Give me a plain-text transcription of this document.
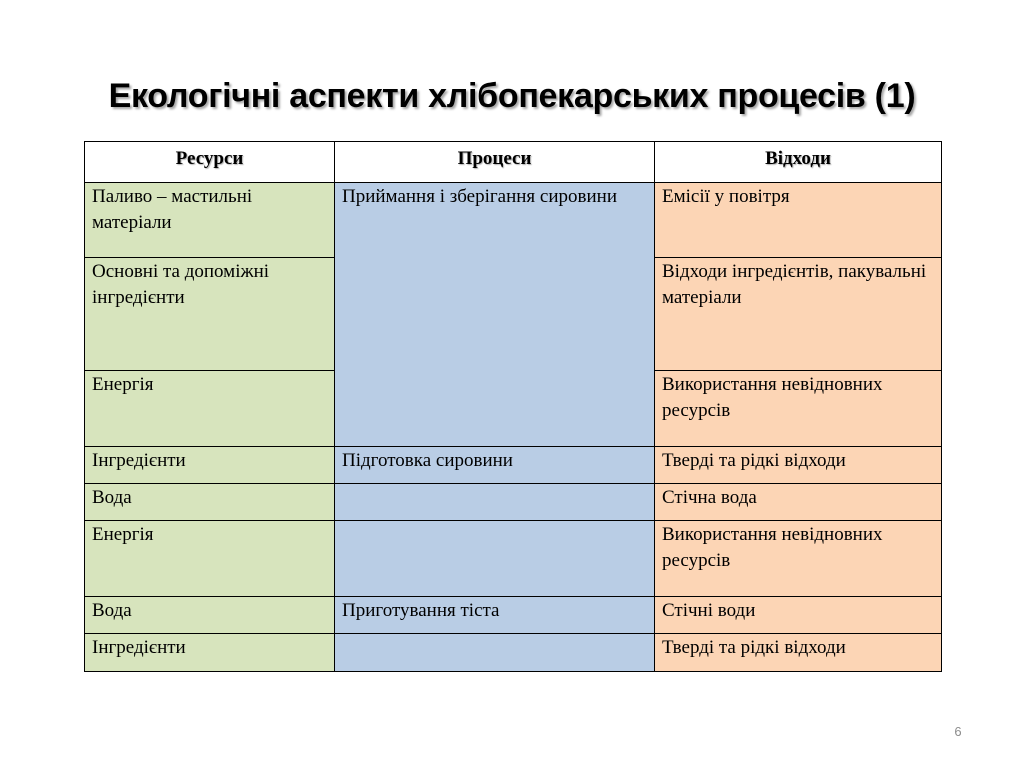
Екологічні аспекти хлібопекарських процесів (1)
Ресурси	Процеси	Відходи
Паливо – мастильні матеріали	Приймання і зберігання сировини	Емісії у повітря
Основні та допоміжні інгредієнти		Відходи інгредієнтів, пакувальні матеріали
Енергія		Використання невідновних ресурсів
Інгредієнти	Підготовка сировини	Тверді та рідкі відходи
Вода		Стічна вода
Енергія		Використання невідновних ресурсів
Вода	Приготування тіста	Стічні води
Інгредієнти		Тверді та рідкі відходи
6
